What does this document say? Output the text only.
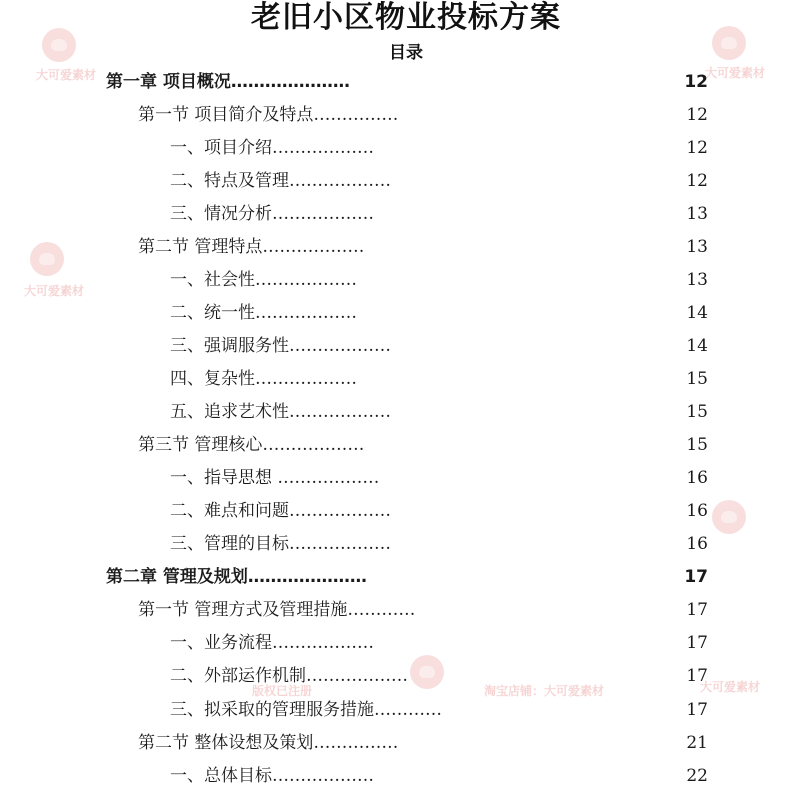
大可爱素材	大可爱素材
大可爱素材
版权已注册	淘宝店铺：大可爱素材	大可爱素材
老旧小区物业投标方案
目录
第一章 项目概况…………………	12
第一节 项目简介及特点……………	12
一、项目介绍………………	12
二、特点及管理………………	12
三、情况分析………………	13
第二节 管理特点………………	13
一、社会性………………	13
二、统一性………………	14
三、强调服务性………………	14
四、复杂性………………	15
五、追求艺术性………………	15
第三节 管理核心………………	15
一、指导思想 ………………	16
二、难点和问题………………	16
三、管理的目标………………	16
第二章 管理及规划…………………	17
第一节 管理方式及管理措施…………	17
一、业务流程………………	17
二、外部运作机制………………	17
三、拟采取的管理服务措施…………	17
第二节 整体设想及策划……………	21
一、总体目标………………	22
